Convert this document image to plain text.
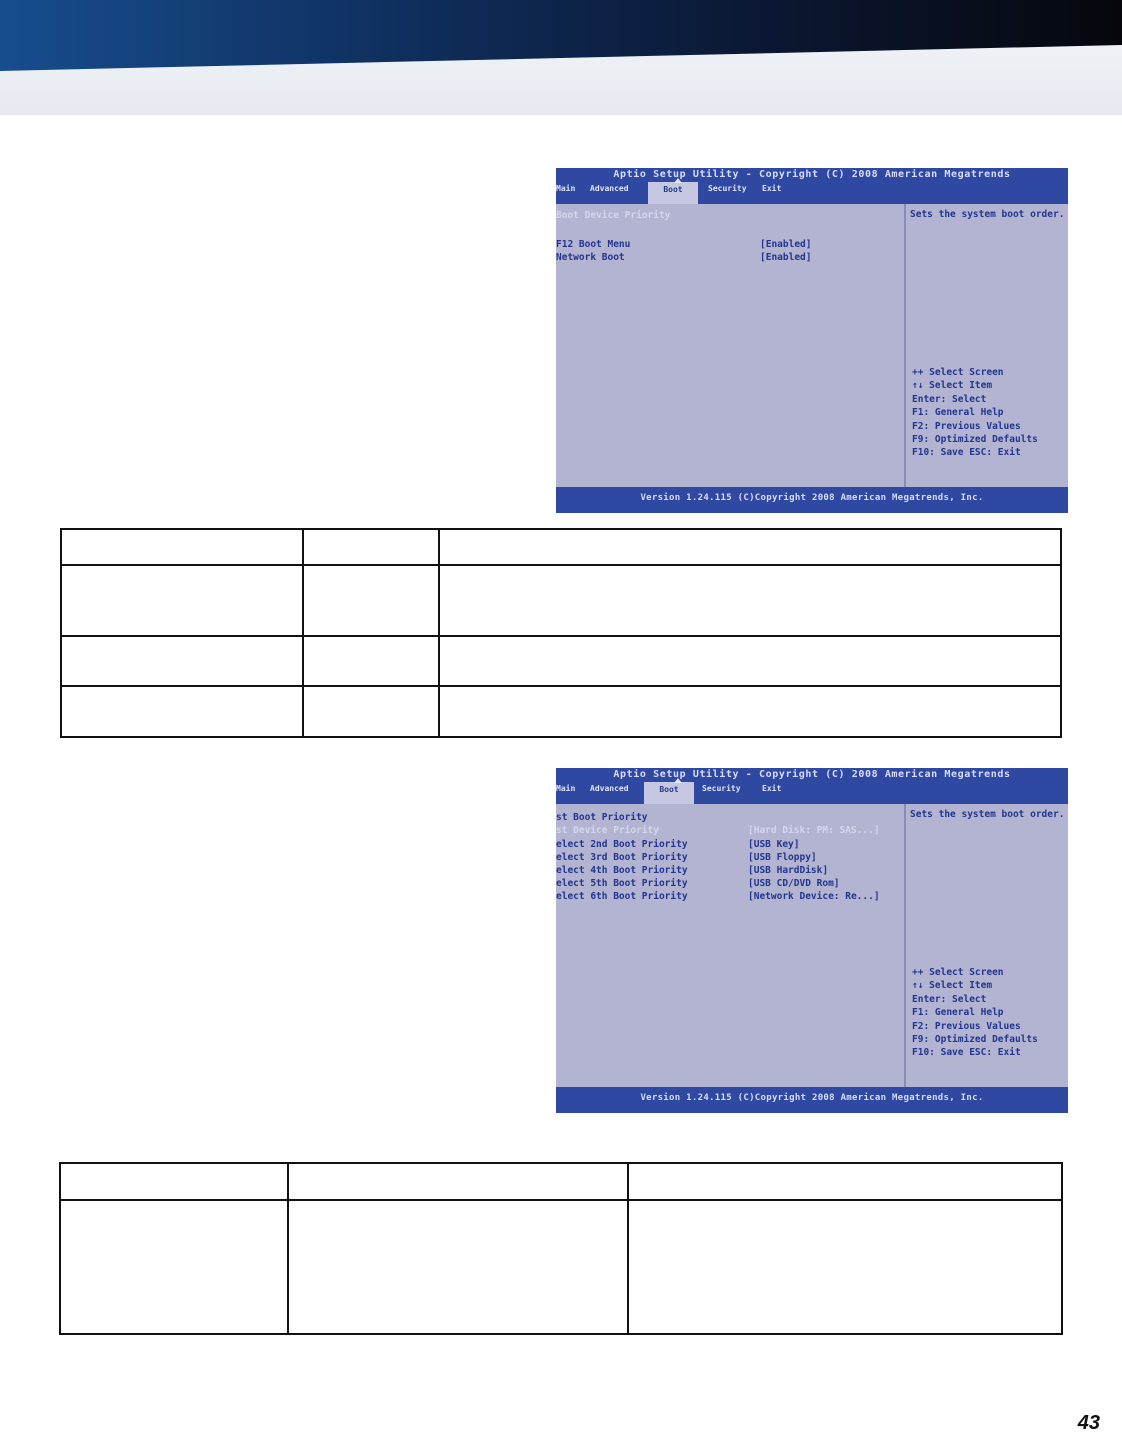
Aptio Setup Utility - Copyright (C) 2008 American Megatrends
Main Advanced	Boot	Security Exit
Boot Device Priority
F12 Boot Menu	[Enabled]
Network Boot	[Enabled]
Sets the system boot order.
++ Select Screen
↑↓ Select Item
Enter: Select
F1: General Help
F2: Previous Values
F9: Optimized Defaults
F10: Save ESC: Exit
Version 1.24.115 (C)Copyright 2008 American Megatrends, Inc.

Aptio Setup Utility - Copyright (C) 2008 American Megatrends
Main Advanced	Boot	Security	Exit
st Boot Priority
st Device Priority	[Hard Disk: PM: SAS...]
elect 2nd Boot Priority	[USB Key]
elect 3rd Boot Priority	[USB Floppy]
elect 4th Boot Priority	[USB HardDisk]
elect 5th Boot Priority	[USB CD/DVD Rom]
elect 6th Boot Priority	[Network Device: Re...]
Sets the system boot order.
++ Select Screen
↑↓ Select Item
Enter: Select
F1: General Help
F2: Previous Values
F9: Optimized Defaults
F10: Save ESC: Exit
Version 1.24.115 (C)Copyright 2008 American Megatrends, Inc.

43
